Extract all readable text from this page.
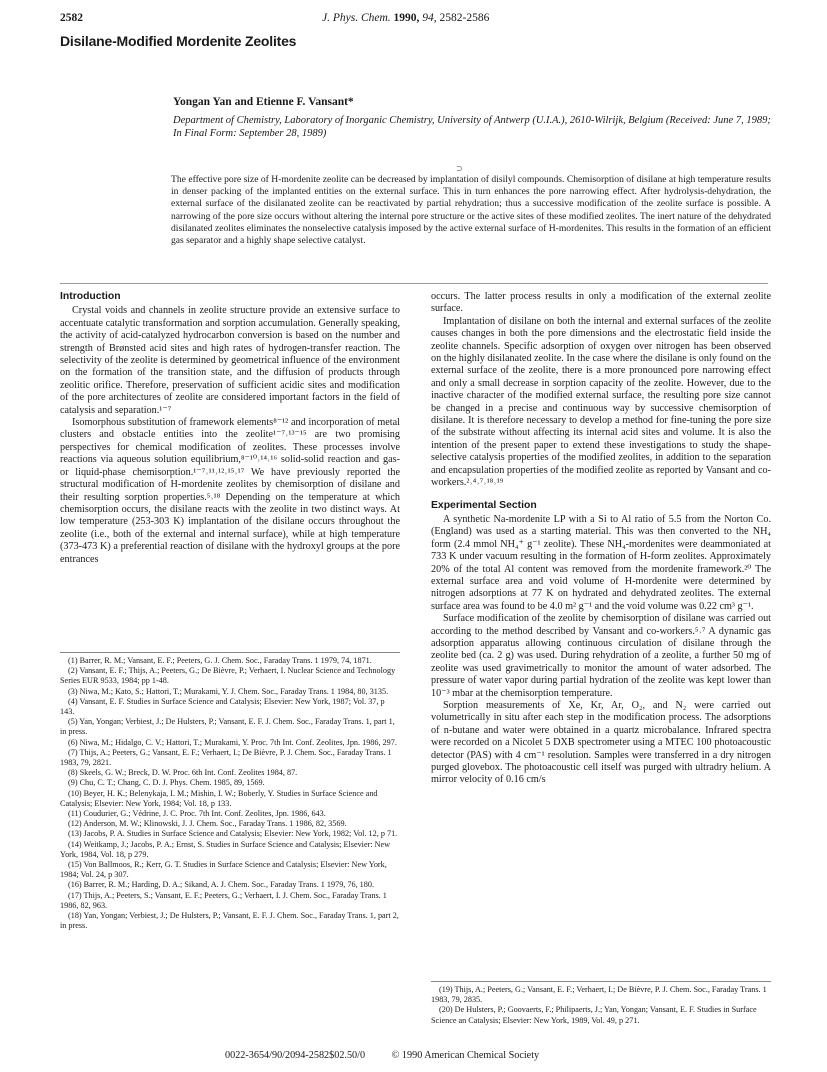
2582	J. Phys. Chem. 1990, 94, 2582-2586
Disilane-Modified Mordenite Zeolites
Yongan Yan and Etienne F. Vansant*
Department of Chemistry, Laboratory of Inorganic Chemistry, University of Antwerp (U.I.A.), 2610-Wilrijk, Belgium (Received: June 7, 1989; In Final Form: September 28, 1989)
⊃
The effective pore size of H-mordenite zeolite can be decreased by implantation of disilyl compounds. Chemisorption of disilane at high temperature results in denser packing of the implanted entities on the external surface. This in turn enhances the pore narrowing effect. After hydrolysis-dehydration, the external surface of the disilanated zeolite can be reactivated by partial rehydration; thus a successive modification of the zeolite surface is possible. A narrowing of the pore size occurs without altering the internal pore structure or the active sites of these modified zeolites. The inert nature of the dehydrated disilanated zeolites eliminates the nonselective catalysis imposed by the active external surface of H-mordenites. This results in the formation of an efficient gas separator and a highly shape selective catalyst.
Introduction

Crystal voids and channels in zeolite structure provide an extensive surface to accentuate catalytic transformation and sorption accumulation. Generally speaking, the activity of acid-catalyzed hydrocarbon conversion is based on the number and strength of Brønsted acid sites and high rates of hydrogen-transfer reaction. The selectivity of the zeolite is determined by geometrical influence of the environment on the formation of the transition state, and the diffusion of products through zeolitic orifice. Therefore, preservation of sufficient acidic sites and modification of the pore architectures of zeolite are considered important factors in the field of catalysis and separation.¹⁻⁷

Isomorphous substitution of framework elements⁸⁻¹² and incorporation of metal clusters and obstacle entities into the zeolite¹⁻⁷˒¹³⁻¹⁵ are two promising perspectives for chemical modification of zeolites. These processes involve reactions via aqueous solution equilibrium,⁸⁻¹⁰˒¹⁴˒¹⁶ solid-solid reaction and gas- or liquid-phase chemisorption.¹⁻⁷˒¹¹˒¹²˒¹⁵˒¹⁷ We have previously reported the structural modification of H-mordenite zeolites by chemisorption of disilane and their resulting sorption properties.⁵˒¹⁸ Depending on the temperature at which chemisorption occurs, the disilane reacts with the zeolite in two distinct ways. At low temperature (253-303 K) implantation of the disilane occurs throughout the zeolite (i.e., both of the external and internal surface), while at high temperature (373-473 K) a preferential reaction of disilane with the hydroxyl groups at the pore entrances

(1) Barrer, R. M.; Vansant, E. F.; Peeters, G. J. Chem. Soc., Faraday Trans. 1 1979, 74, 1871.
(2) Vansant, E. F.; Thijs, A.; Peeters, G.; De Bièvre, P.; Verhaert, I. Nuclear Science and Technology Series EUR 9533, 1984; pp 1-48.
(3) Niwa, M.; Kato, S.; Hattori, T.; Murakami, Y. J. Chem. Soc., Faraday Trans. 1 1984, 80, 3135.
(4) Vansant, E. F. Studies in Surface Science and Catalysis; Elsevier: New York, 1987; Vol. 37, p 143.
(5) Yan, Yongan; Verbiest, J.; De Hulsters, P.; Vansant, E. F. J. Chem. Soc., Faraday Trans. 1, part 1, in press.
(6) Niwa, M.; Hidalgo, C. V.; Hattori, T.; Murakami, Y. Proc. 7th Int. Conf. Zeolites, Jpn. 1986, 297.
(7) Thijs, A.; Peeters, G.; Vansant, E. F.; Verhaert, I.; De Bièvre, P. J. Chem. Soc., Faraday Trans. 1 1983, 79, 2821.
(8) Skeels, G. W.; Breck, D. W. Proc. 6th Int. Conf. Zeolites 1984, 87.
(9) Chu, C. T.; Chang, C. D. J. Phys. Chem. 1985, 89, 1569.
(10) Beyer, H. K.; Belenykaja, I. M.; Mishin, I. W.; Boberly, Y. Studies in Surface Science and Catalysis; Elsevier: New York, 1984; Vol. 18, p 133.
(11) Coudurier, G.; Védrine, J. C. Proc. 7th Int. Conf. Zeolites, Jpn. 1986, 643.
(12) Anderson, M. W.; Klinowski, J. J. Chem. Soc., Faraday Trans. 1 1986, 82, 3569.
(13) Jacobs, P. A. Studies in Surface Science and Catalysis; Elsevier: New York, 1982; Vol. 12, p 71.
(14) Weitkamp, J.; Jacobs, P. A.; Ernst, S. Studies in Surface Science and Catalysis; Elsevier: New York, 1984, Vol. 18, p 279.
(15) Von Ballmoos, R.; Kerr, G. T. Studies in Surface Science and Catalysis; Elsevier: New York, 1984; Vol. 24, p 307.
(16) Barrer, R. M.; Harding, D. A.; Sikand, A. J. Chem. Soc., Faraday Trans. 1 1979, 76, 180.
(17) Thijs, A.; Peeters, S.; Vansant, E. F.; Peeters, G.; Verhaert, I. J. Chem. Soc., Faraday Trans. 1 1986, 82, 963.
(18) Yan, Yongan; Verbiest, J.; De Hulsters, P.; Vansant, E. F. J. Chem. Soc., Faraday Trans. 1, part 2, in press.

occurs. The latter process results in only a modification of the external zeolite surface.

Implantation of disilane on both the internal and external surfaces of the zeolite causes changes in both the pore dimensions and the electrostatic field inside the zeolite channels. Specific adsorption of oxygen over nitrogen has been observed on the highly disilanated zeolite. In the case where the disilane is only found on the external surface of the zeolite, there is a more pronounced pore narrowing effect and only a small decrease in sorption capacity of the zeolite. However, due to the inactive character of the modified external surface, the resulting pore size cannot be changed in a precise and continuous way by successive chemisorption of disilane. It is therefore necessary to develop a method for fine-tuning the pore size of the substrate without affecting its internal acid sites and volume. It is also the intention of the present paper to extend these investigations to study the shape-selective catalysis properties of the modified zeolites, in addition to the separation and encapsulation properties of the modified zeolite as reported by Vansant and co-workers.²˒⁴˒⁷˒¹⁸˒¹⁹

Experimental Section

A synthetic Na-mordenite LP with a Si to Al ratio of 5.5 from the Norton Co. (England) was used as a starting material. This was then converted to the NH₄ form (2.4 mmol NH₄⁺ g⁻¹ zeolite). These NH₄-mordenites were deammoniated at 733 K under vacuum resulting in the formation of H-form zeolites. Approximately 20% of the total Al content was removed from the mordenite framework.²⁰ The external surface area and void volume of H-mordenite were determined by nitrogen adsorptions at 77 K on hydrated and dehydrated zeolites. The external surface area was found to be 4.0 m² g⁻¹ and the void volume was 0.22 cm³ g⁻¹.

Surface modification of the zeolite by chemisorption of disilane was carried out according to the method described by Vansant and co-workers.⁵˒⁷ A dynamic gas adsorption apparatus allowing continuous circulation of disilane through the zeolite bed (ca. 2 g) was used. During rehydration of a zeolite, a further 50 mg of zeolite was used gravimetrically to monitor the amount of water adsorbed. The pressure of water vapor during partial hydration of the zeolite was kept lower than 10⁻³ mbar at the chemisorption temperature.

Sorption measurements of Xe, Kr, Ar, O₂, and N₂ were carried out volumetrically in situ after each step in the modification process. The adsorptions of n-butane and water were obtained in a quartz microbalance. Infrared spectra were recorded on a Nicolet 5 DXB spectrometer using a MTEC 100 photoacoustic detector (PAS) with 4 cm⁻¹ resolution. Samples were transferred in a dry nitrogen purged glovebox. The photoacoustic cell itself was purged with ultradry helium. A mirror velocity of 0.16 cm/s

(19) Thijs, A.; Peeters, G.; Vansant, E. F.; Verhaert, I.; De Bièvre, P. J. Chem. Soc., Faraday Trans. 1 1983, 79, 2835.
(20) De Hulsters, P.; Goovaerts, F.; Philipaerts, J.; Yan, Yongan; Vansant, E. F. Studies in Surface Science an Catalysis; Elsevier: New York, 1989, Vol. 49, p 271.
0022-3654/90/2094-2582$02.50/0	© 1990 American Chemical Society
